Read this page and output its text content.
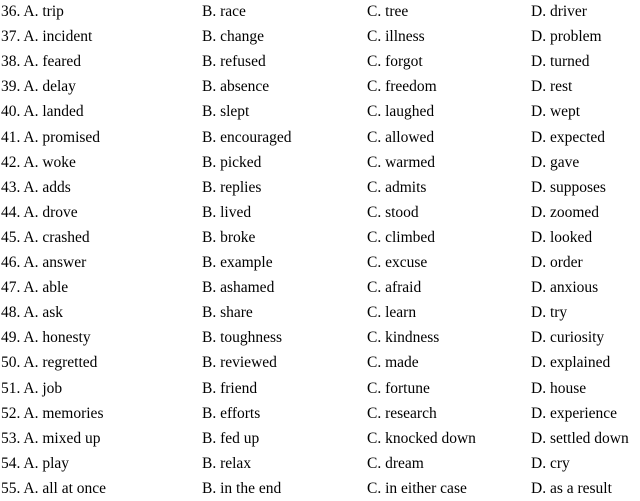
36. A. trip	B. race	C. tree	D. driver
37. A. incident	B. change	C. illness	D. problem
38. A. feared	B. refused	C. forgot	D. turned
39. A. delay	B. absence	C. freedom	D. rest
40. A. landed	B. slept	C. laughed	D. wept
41. A. promised	B. encouraged	C. allowed	D. expected
42. A. woke	B. picked	C. warmed	D. gave
43. A. adds	B. replies	C. admits	D. supposes
44. A. drove	B. lived	C. stood	D. zoomed
45. A. crashed	B. broke	C. climbed	D. looked
46. A. answer	B. example	C. excuse	D. order
47. A. able	B. ashamed	C. afraid	D. anxious
48. A. ask	B. share	C. learn	D. try
49. A. honesty	B. toughness	C. kindness	D. curiosity
50. A. regretted	B. reviewed	C. made	D. explained
51. A. job	B. friend	C. fortune	D. house
52. A. memories	B. efforts	C. research	D. experience
53. A. mixed up	B. fed up	C. knocked down	D. settled down
54. A. play	B. relax	C. dream	D. cry
55. A. all at once	B. in the end	C. in either case	D. as a result
